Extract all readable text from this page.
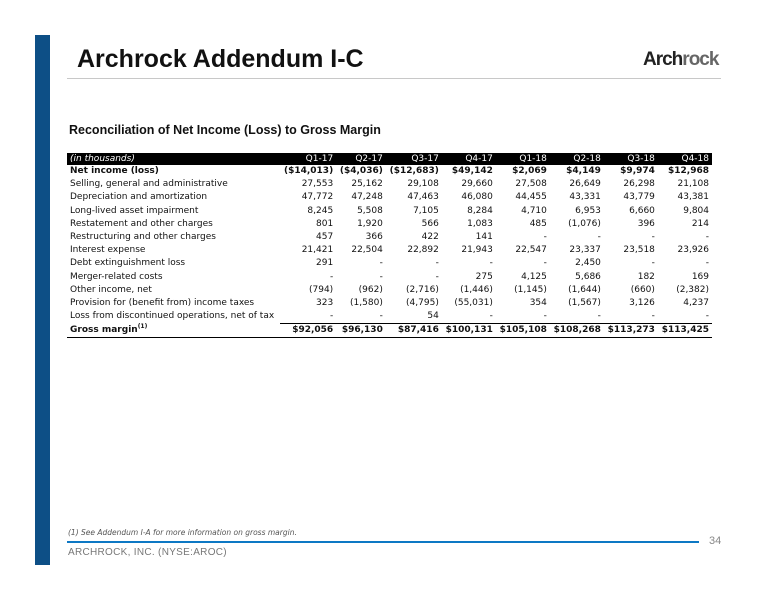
Archrock Addendum I-C	Archrock
Reconciliation of Net Income (Loss) to Gross Margin
(in thousands)	Q1-17	Q2-17	Q3-17	Q4-17	Q1-18	Q2-18	Q3-18	Q4-18
Net income (loss)	($14,013)	($4,036)	($12,683)	$49,142	$2,069	$4,149	$9,974	$12,968
Selling, general and administrative	27,553	25,162	29,108	29,660	27,508	26,649	26,298	21,108
Depreciation and amortization	47,772	47,248	47,463	46,080	44,455	43,331	43,779	43,381
Long-lived asset impairment	8,245	5,508	7,105	8,284	4,710	6,953	6,660	9,804
Restatement and other charges	801	1,920	566	1,083	485	(1,076)	396	214
Restructuring and other charges	457	366	422	141	-	-	-	-
Interest expense	21,421	22,504	22,892	21,943	22,547	23,337	23,518	23,926
Debt extinguishment loss	291	-	-	-	-	2,450	-	-
Merger-related costs	-	-	-	275	4,125	5,686	182	169
Other income, net	(794)	(962)	(2,716)	(1,446)	(1,145)	(1,644)	(660)	(2,382)
Provision for (benefit from) income taxes	323	(1,580)	(4,795)	(55,031)	354	(1,567)	3,126	4,237
Loss from discontinued operations, net of tax	-	-	54	-	-	-	-	-
Gross margin$^{(1)}$	$92,056	$96,130	$87,416	$100,131	$105,108	$108,268	$113,273	$113,425
(1) See Addendum I-A for more information on gross margin.
ARCHROCK, INC. (NYSE:AROC)
34
